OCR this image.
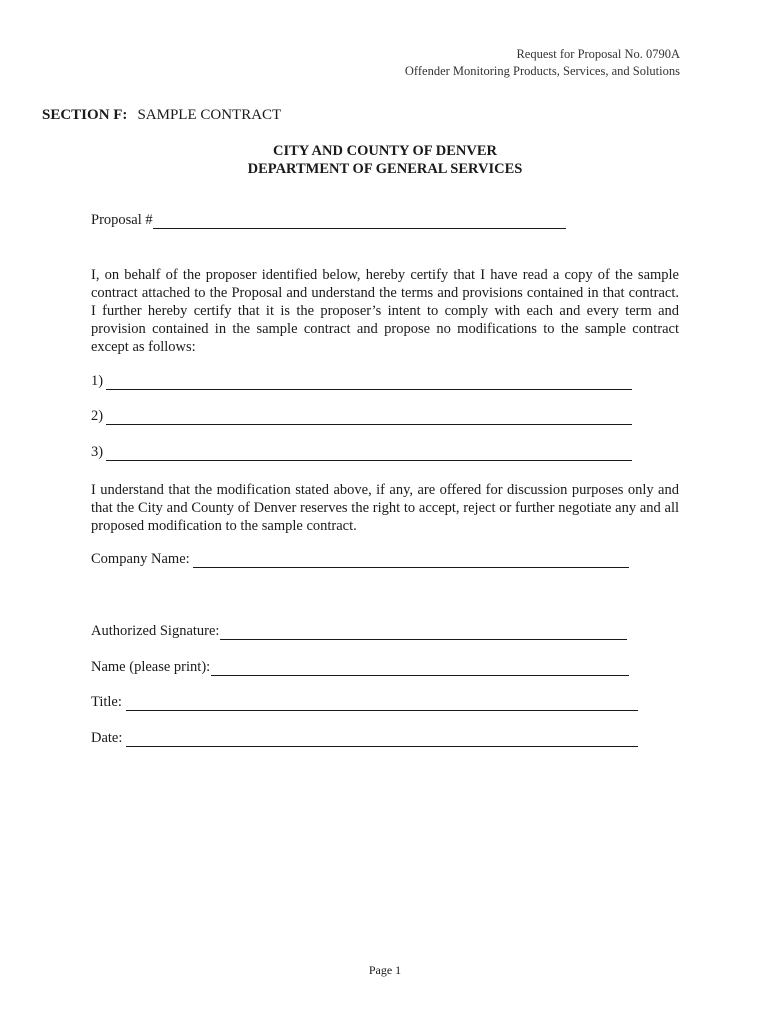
Request for Proposal No. 0790A
Offender Monitoring Products, Services, and Solutions
SECTION F: SAMPLE CONTRACT
CITY AND COUNTY OF DENVER
DEPARTMENT OF GENERAL SERVICES
Proposal #
I, on behalf of the proposer identified below, hereby certify that I have read a copy of the sample contract attached to the Proposal and understand the terms and provisions contained in that contract. I further hereby certify that it is the proposer’s intent to comply with each and every term and provision contained in the sample contract and propose no modifications to the sample contract except as follows:
1)
2)
3)
I understand that the modification stated above, if any, are offered for discussion purposes only and that the City and County of Denver reserves the right to accept, reject or further negotiate any and all proposed modification to the sample contract.
Company Name:
Authorized Signature:
Name (please print):
Title:
Date:
Page 1
